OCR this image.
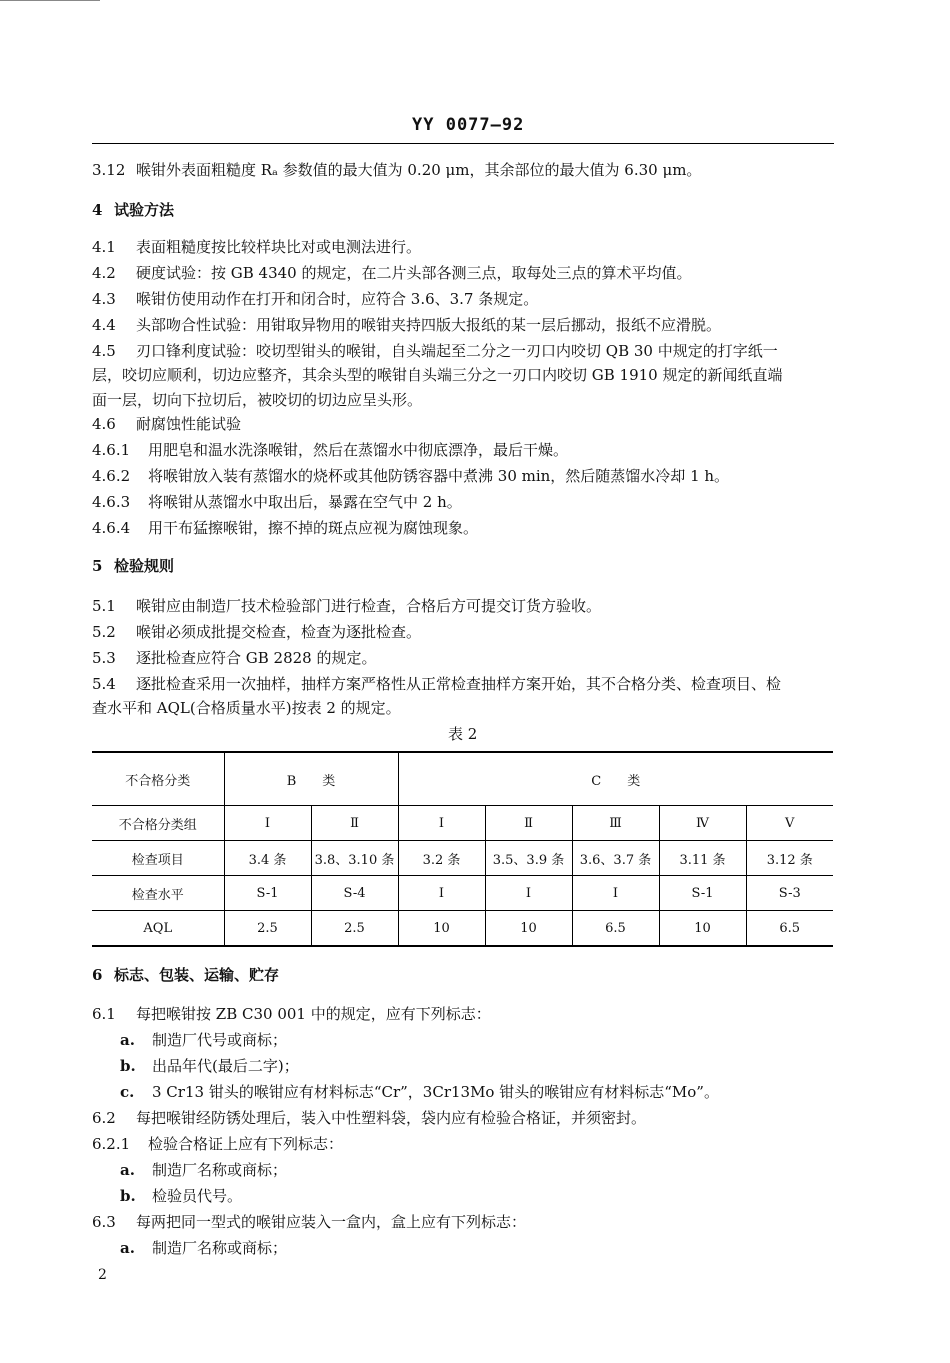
YY 0077—92
3.12 喉钳外表面粗糙度 Rₐ 参数值的最大值为 0.20 μm，其余部位的最大值为 6.30 μm。
4 试验方法
4.1 表面粗糙度按比较样块比对或电测法进行。
4.2 硬度试验：按 GB 4340 的规定，在二片头部各测三点，取每处三点的算术平均值。
4.3 喉钳仿使用动作在打开和闭合时，应符合 3.6、3.7 条规定。
4.4 头部吻合性试验：用钳取异物用的喉钳夹持四版大报纸的某一层后挪动，报纸不应滑脱。
4.5 刃口锋利度试验：咬切型钳头的喉钳，自头端起至二分之一刃口内咬切 QB 30 中规定的打字纸一
层，咬切应顺利，切边应整齐，其余头型的喉钳自头端三分之一刃口内咬切 GB 1910 规定的新闻纸直端
面一层，切向下拉切后，被咬切的切边应呈头形。
4.6 耐腐蚀性能试验
4.6.1 用肥皂和温水洗涤喉钳，然后在蒸馏水中彻底漂净，最后干燥。
4.6.2 将喉钳放入装有蒸馏水的烧杯或其他防锈容器中煮沸 30 min，然后随蒸馏水冷却 1 h。
4.6.3 将喉钳从蒸馏水中取出后，暴露在空气中 2 h。
4.6.4 用干布猛擦喉钳，擦不掉的斑点应视为腐蚀现象。
5 检验规则
5.1 喉钳应由制造厂技术检验部门进行检查，合格后方可提交订货方验收。
5.2 喉钳必须成批提交检查，检查为逐批检查。
5.3 逐批检查应符合 GB 2828 的规定。
5.4 逐批检查采用一次抽样，抽样方案严格性从正常检查抽样方案开始，其不合格分类、检查项目、检
查水平和 AQL(合格质量水平)按表 2 的规定。
表 2
不合格分类	B　　类		C　　类				
不合格分类组	Ⅰ	Ⅱ	Ⅰ	Ⅱ	Ⅲ	Ⅳ	Ⅴ
检查项目	3.4 条	3.8、3.10 条	3.2 条	3.5、3.9 条	3.6、3.7 条	3.11 条	3.12 条
检查水平	S-1	S-4	Ⅰ	Ⅰ	Ⅰ	S-1	S-3
AQL	2.5	2.5	10	10	6.5	10	6.5
6 标志、包装、运输、贮存
6.1 每把喉钳按 ZB C30 001 中的规定，应有下列标志：
a. 制造厂代号或商标；
b. 出品年代(最后二字)；
c. 3 Cr13 钳头的喉钳应有材料标志“Cr”，3Cr13Mo 钳头的喉钳应有材料标志“Mo”。
6.2 每把喉钳经防锈处理后，装入中性塑料袋，袋内应有检验合格证，并须密封。
6.2.1 检验合格证上应有下列标志：
a. 制造厂名称或商标；
b. 检验员代号。
6.3 每两把同一型式的喉钳应装入一盒内，盒上应有下列标志：
a. 制造厂名称或商标；
2
